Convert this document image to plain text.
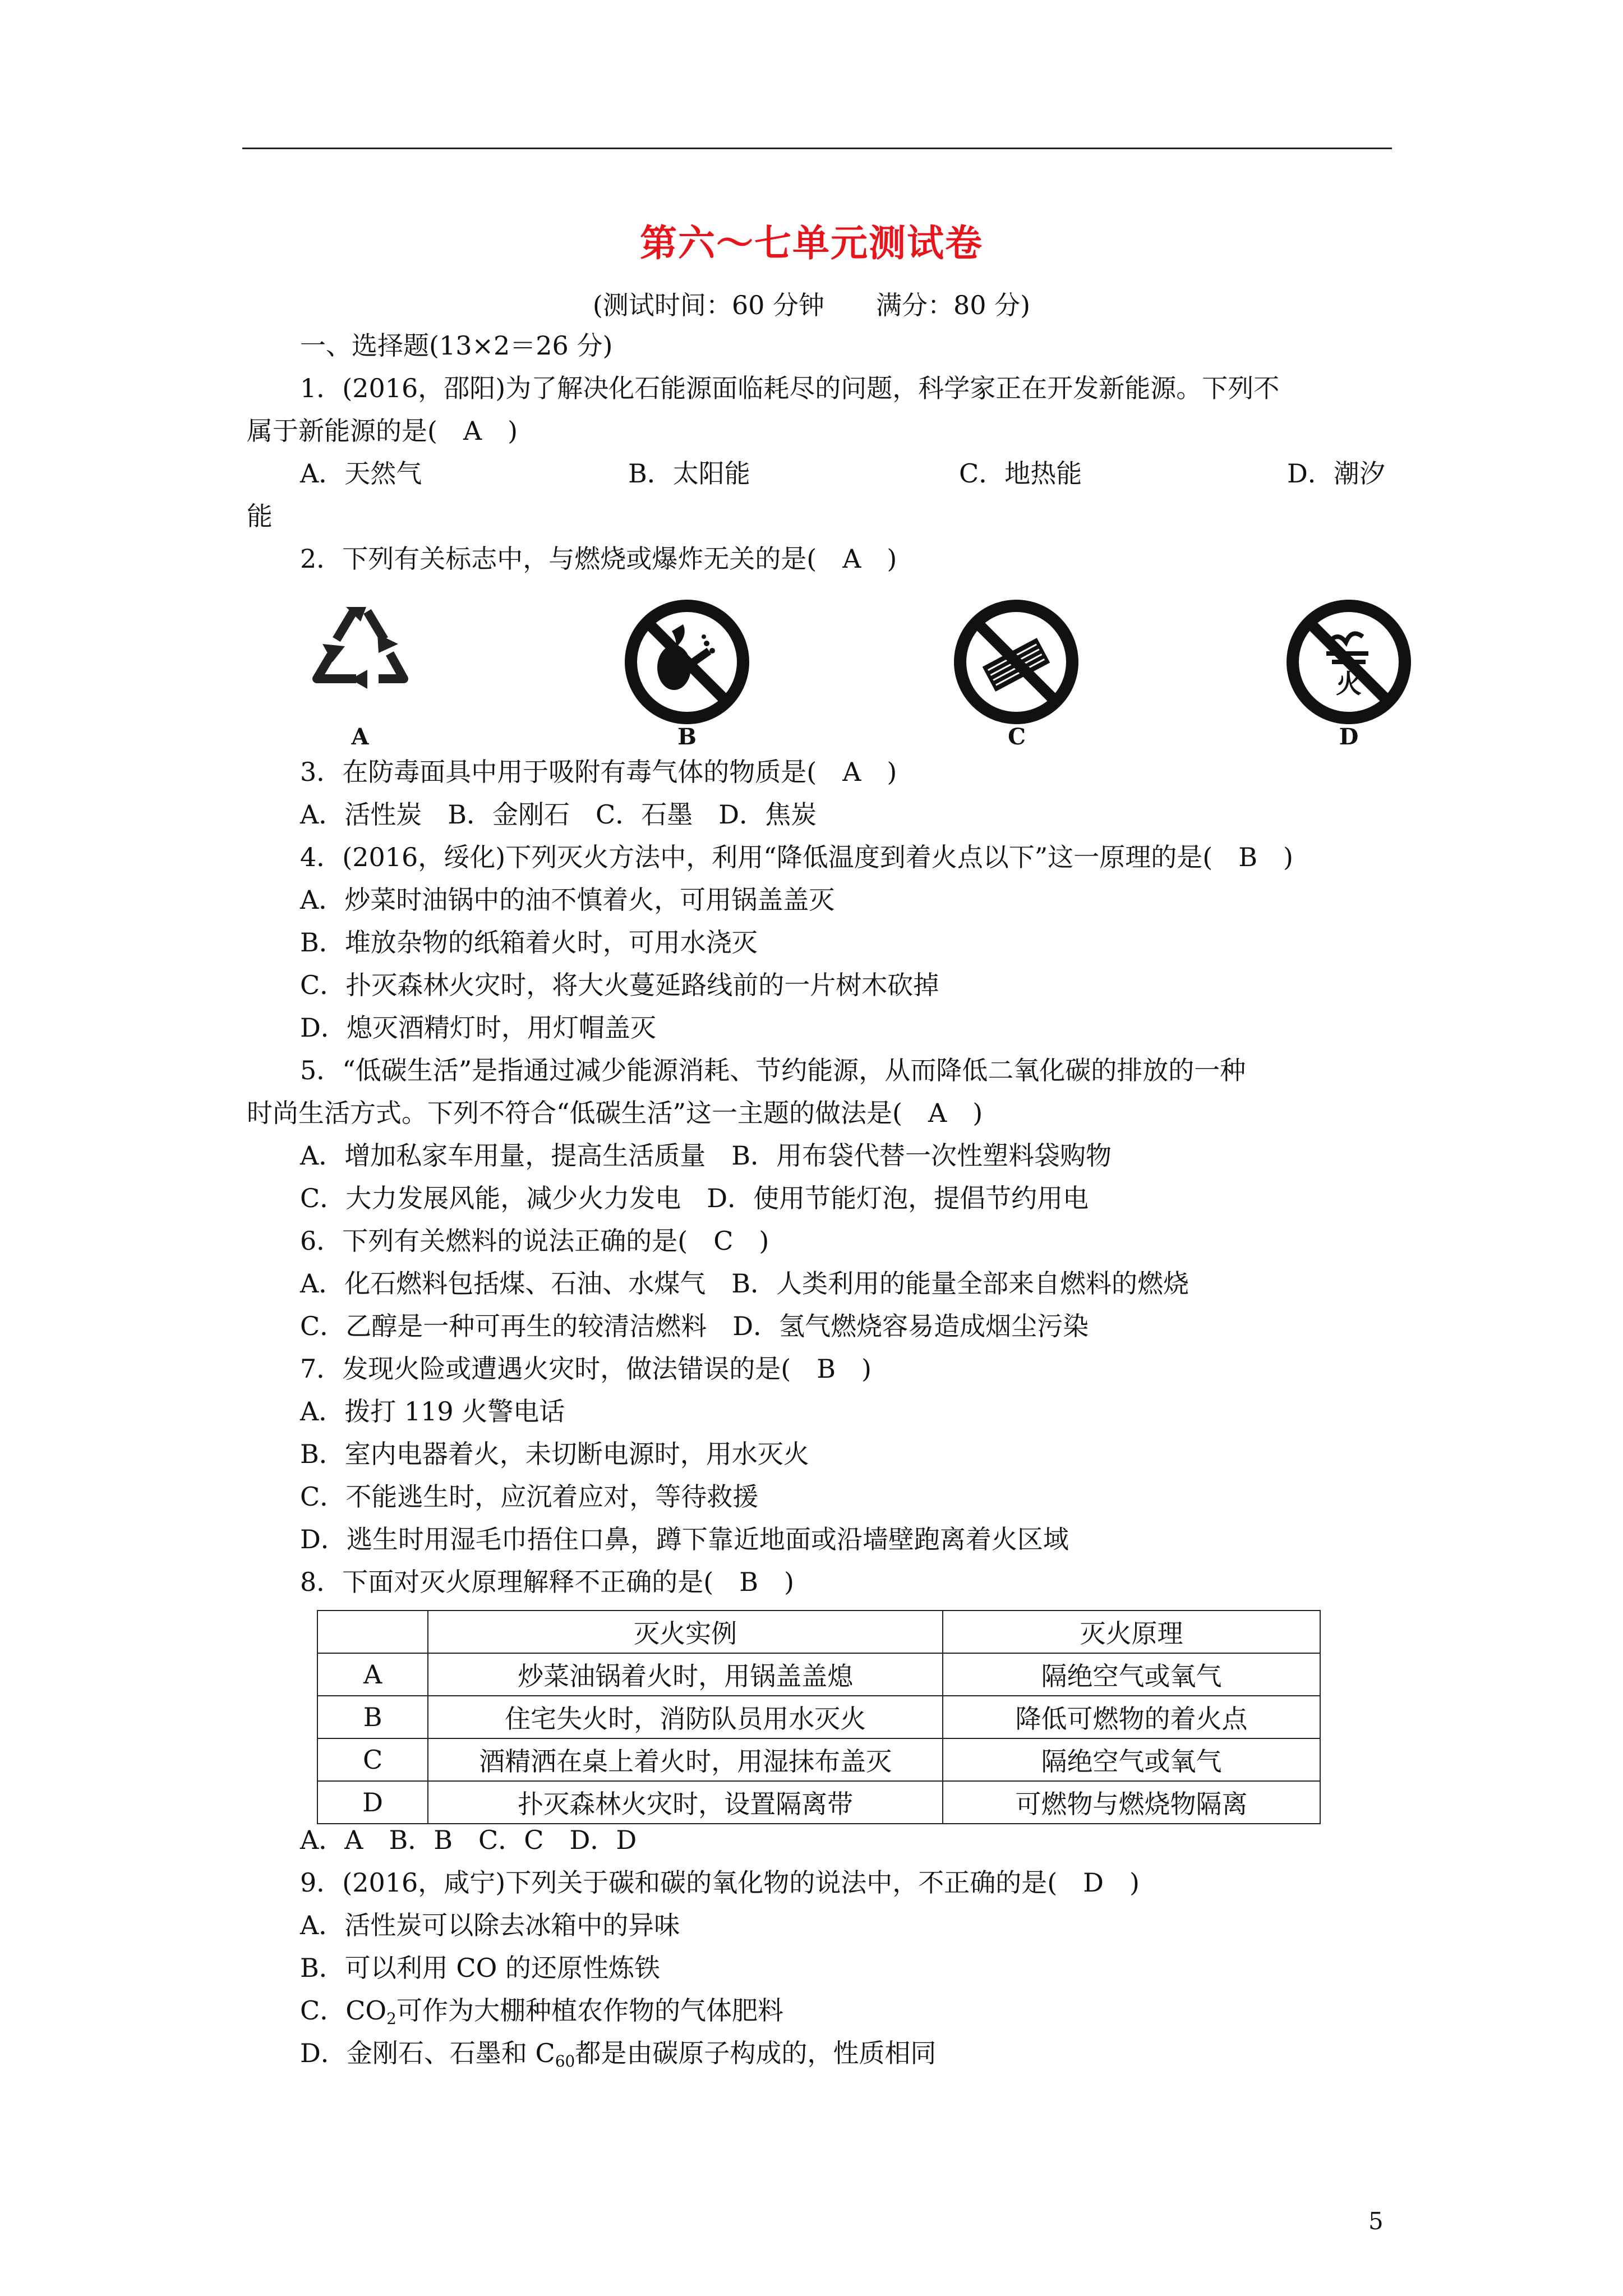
第六～七单元测试卷
(测试时间：60 分钟　　满分：80 分)
一、选择题(13×2＝26 分)
1．(2016，邵阳)为了解决化石能源面临耗尽的问题，科学家正在开发新能源。下列不
属于新能源的是(　A　)
A．天然气	B．太阳能	C．地热能	D．潮汐
能
2．下列有关标志中，与燃烧或爆炸无关的是(　A　)
火
A	B	C	D
3．在防毒面具中用于吸附有毒气体的物质是(　A　)
A．活性炭　B．金刚石　C．石墨　D．焦炭
4．(2016，绥化)下列灭火方法中，利用“降低温度到着火点以下”这一原理的是(　B　)
A．炒菜时油锅中的油不慎着火，可用锅盖盖灭
B．堆放杂物的纸箱着火时，可用水浇灭
C．扑灭森林火灾时，将大火蔓延路线前的一片树木砍掉
D．熄灭酒精灯时，用灯帽盖灭
5．“低碳生活”是指通过减少能源消耗、节约能源，从而降低二氧化碳的排放的一种
时尚生活方式。下列不符合“低碳生活”这一主题的做法是(　A　)
A．增加私家车用量，提高生活质量　B．用布袋代替一次性塑料袋购物
C．大力发展风能，减少火力发电　D．使用节能灯泡，提倡节约用电
6．下列有关燃料的说法正确的是(　C　)
A．化石燃料包括煤、石油、水煤气　B．人类利用的能量全部来自燃料的燃烧
C．乙醇是一种可再生的较清洁燃料　D．氢气燃烧容易造成烟尘污染
7．发现火险或遭遇火灾时，做法错误的是(　B　)
A．拨打 119 火警电话
B．室内电器着火，未切断电源时，用水灭火
C．不能逃生时，应沉着应对，等待救援
D．逃生时用湿毛巾捂住口鼻，蹲下靠近地面或沿墙壁跑离着火区域
8．下面对灭火原理解释不正确的是(　B　)
	灭火实例	灭火原理
A	炒菜油锅着火时，用锅盖盖熄	隔绝空气或氧气
B	住宅失火时，消防队员用水灭火	降低可燃物的着火点
C	酒精洒在桌上着火时，用湿抹布盖灭	隔绝空气或氧气
D	扑灭森林火灾时，设置隔离带	可燃物与燃烧物隔离
A．A　B．B　C．C　D．D
9．(2016，咸宁)下列关于碳和碳的氧化物的说法中，不正确的是(　D　)
A．活性炭可以除去冰箱中的异味
B．可以利用 CO 的还原性炼铁
C．$CO_2$可作为大棚种植农作物的气体肥料
D．金刚石、石墨和 $C_{60}$都是由碳原子构成的，性质相同
5
